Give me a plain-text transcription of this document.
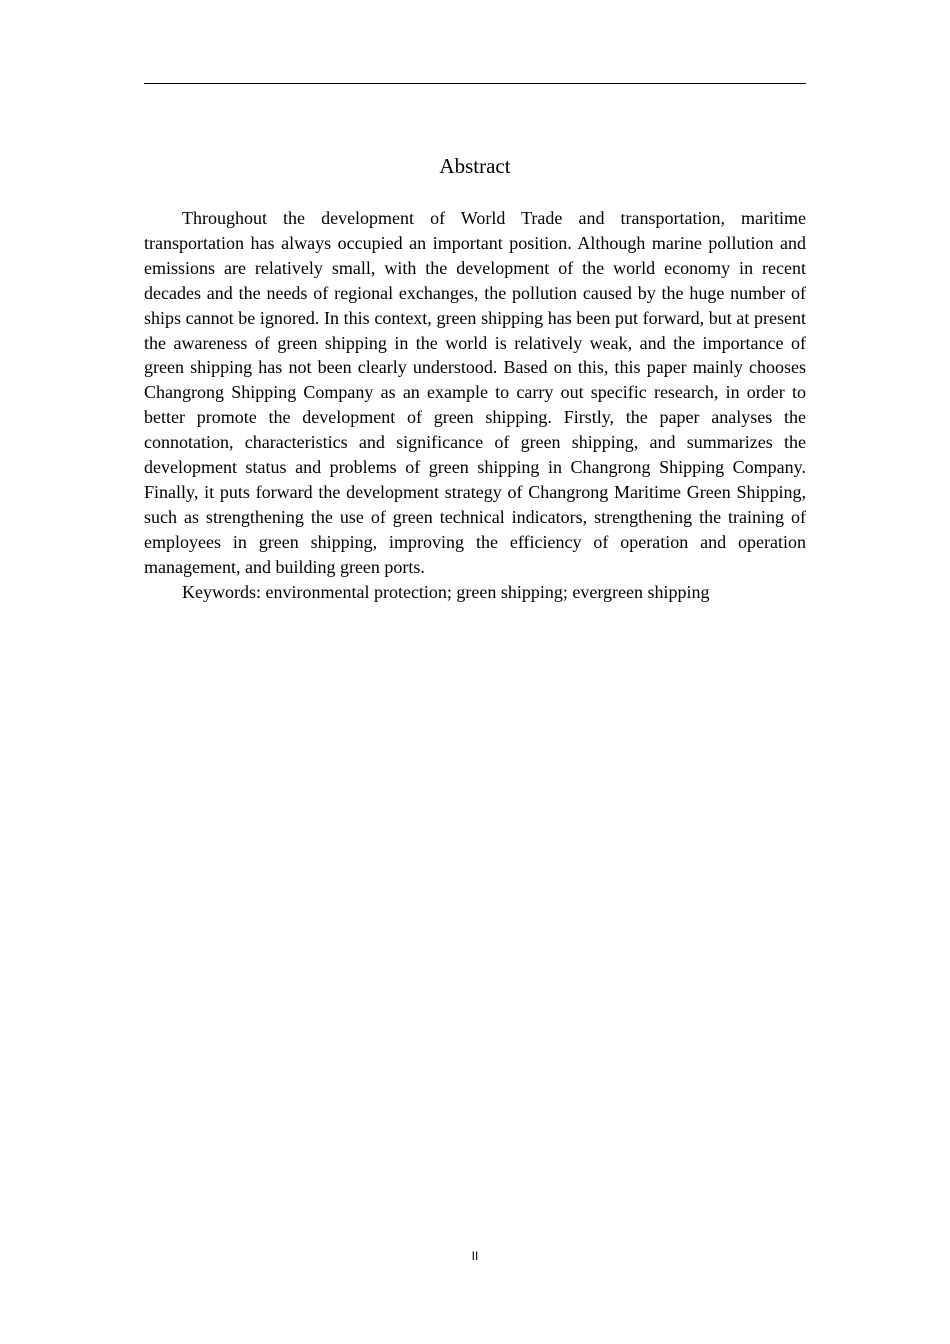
Abstract

Throughout the development of World Trade and transportation, maritime transportation has always occupied an important position. Although marine pollution and emissions are relatively small, with the development of the world economy in recent decades and the needs of regional exchanges, the pollution caused by the huge number of ships cannot be ignored. In this context, green shipping has been put forward, but at present the awareness of green shipping in the world is relatively weak, and the importance of green shipping has not been clearly understood. Based on this, this paper mainly chooses Changrong Shipping Company as an example to carry out specific research, in order to better promote the development of green shipping. Firstly, the paper analyses the connotation, characteristics and significance of green shipping, and summarizes the development status and problems of green shipping in Changrong Shipping Company. Finally, it puts forward the development strategy of Changrong Maritime Green Shipping, such as strengthening the use of green technical indicators, strengthening the training of employees in green shipping, improving the efficiency of operation and operation management, and building green ports.

Keywords: environmental protection; green shipping; evergreen shipping

II
